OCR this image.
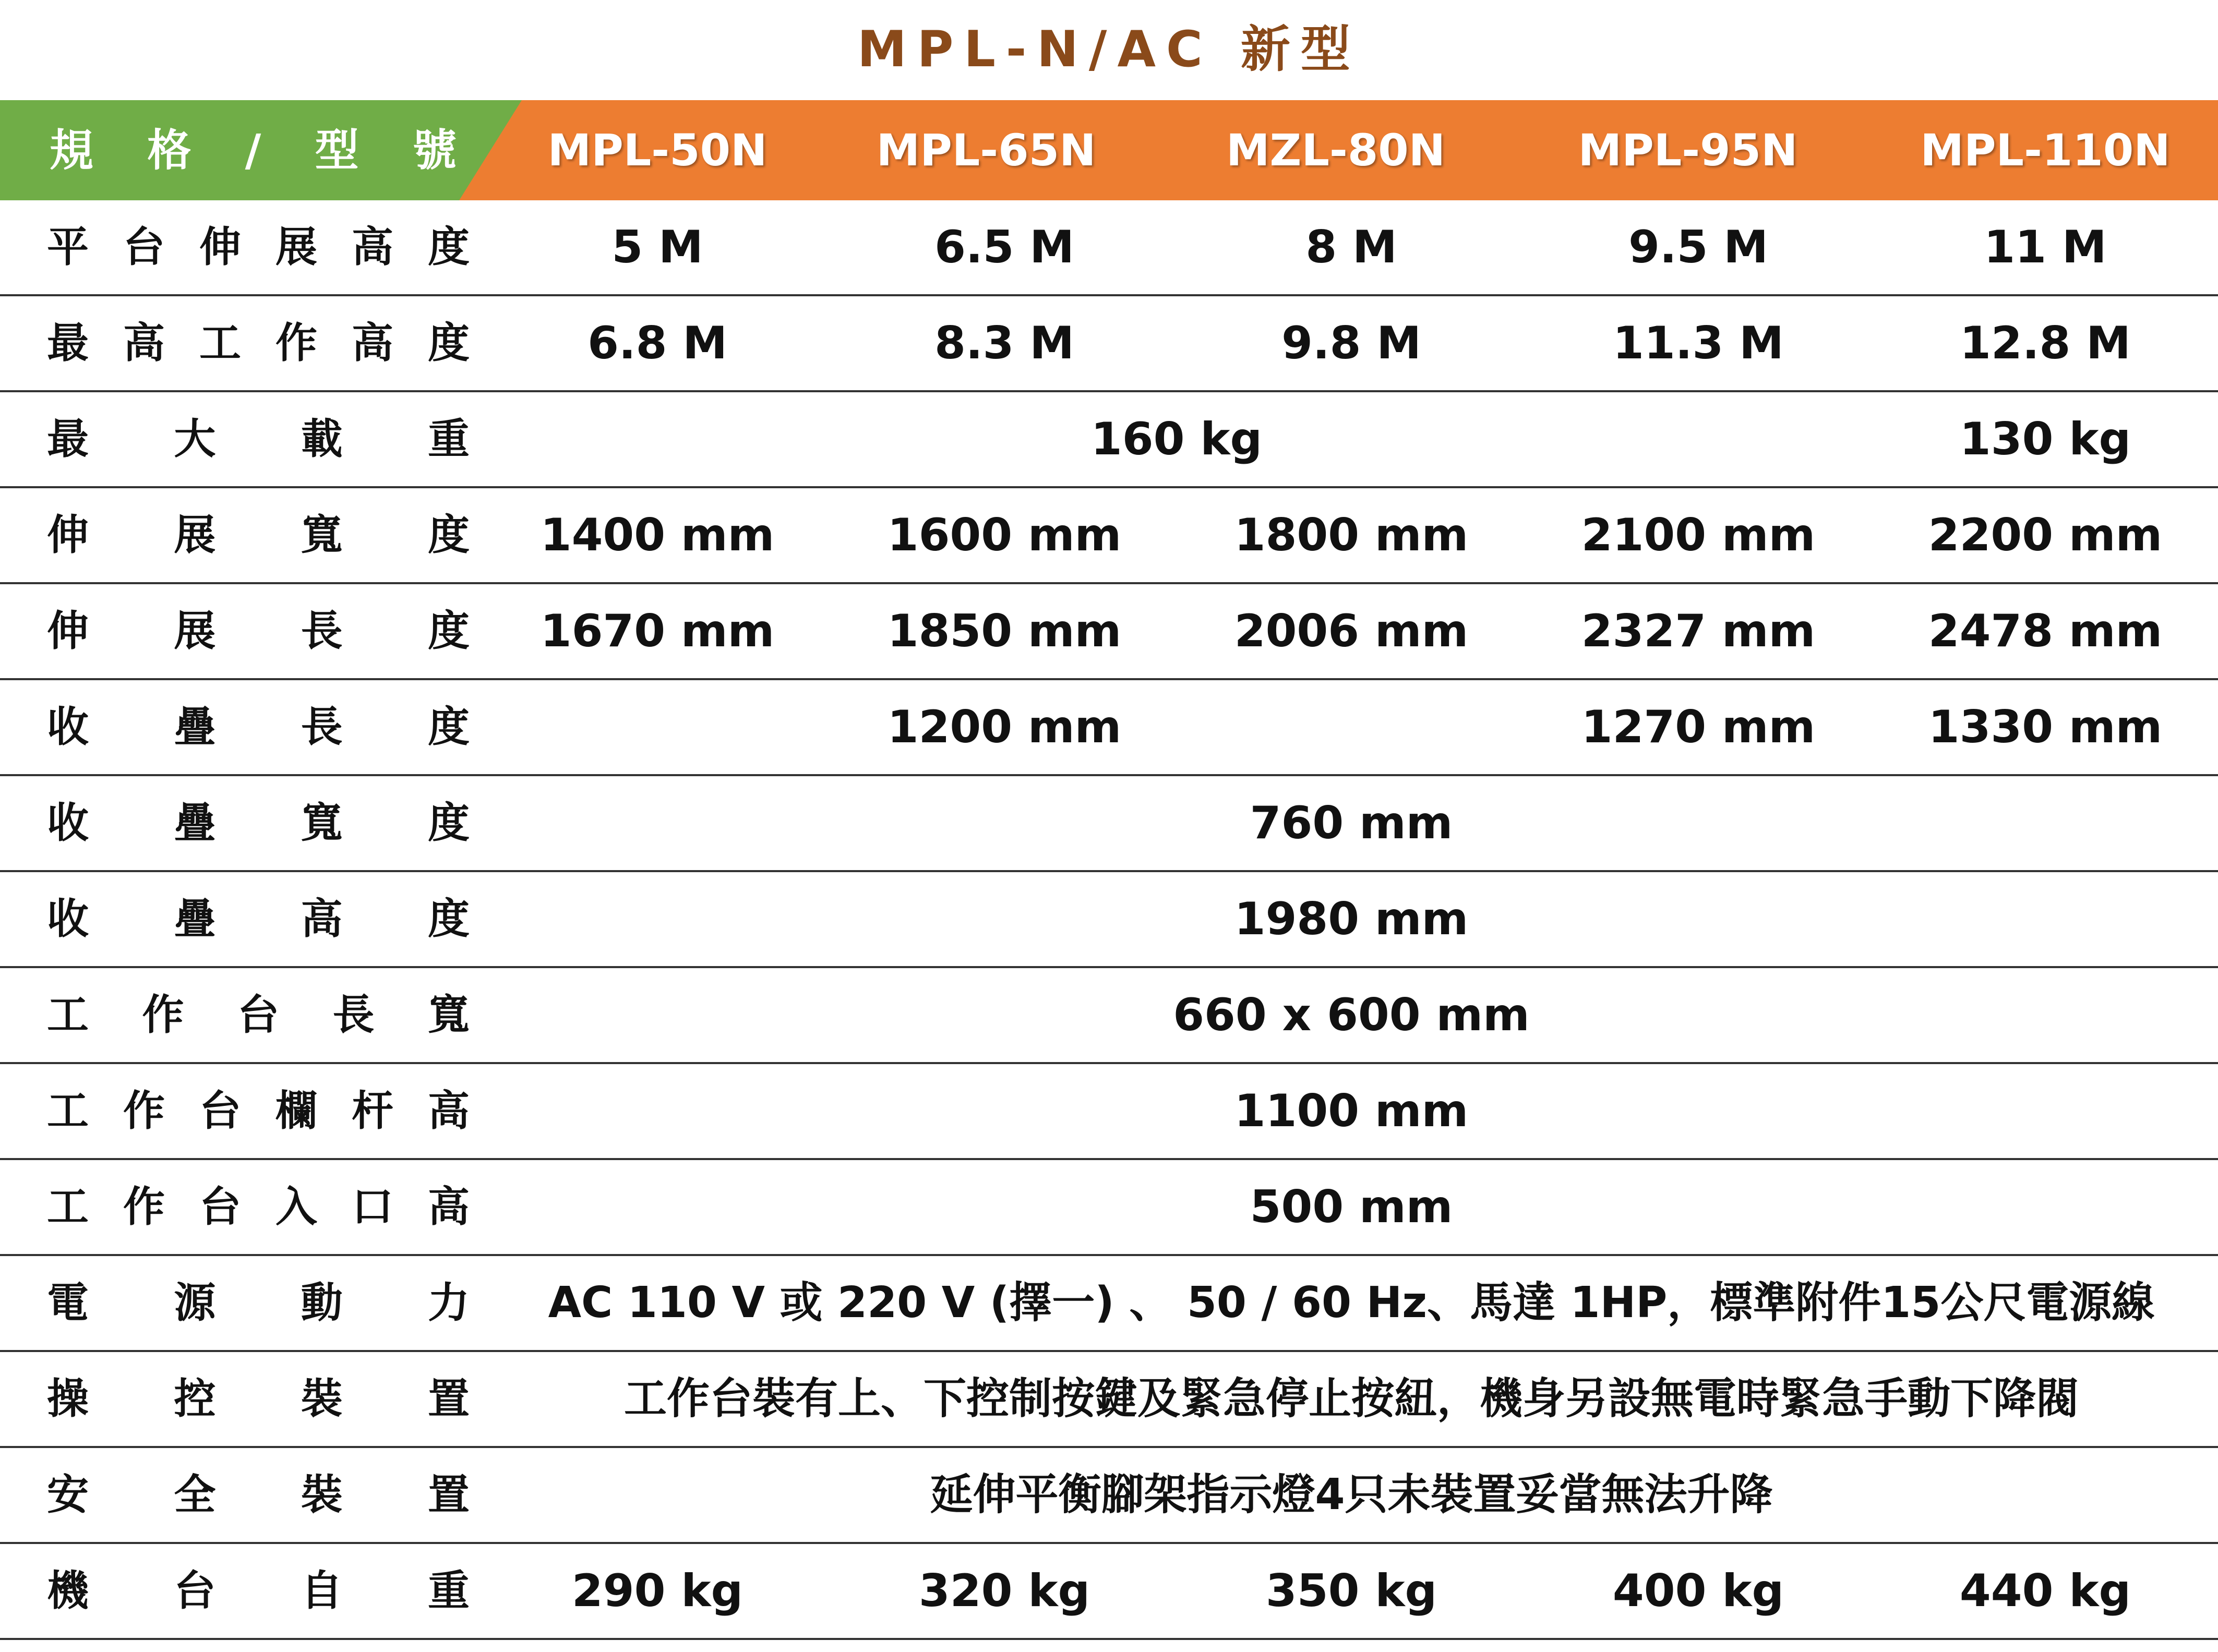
MPL-N/AC 新型
規 格 / 型 號	MPL-50N	MPL-65N	MZL-80N	MPL-95N	MPL-110N
平 台 伸 展 高 度	5 M	6.5 M	8 M	9.5 M	11 M
最 高 工 作 高 度	6.8 M	8.3 M	9.8 M	11.3 M	12.8 M
最 大 載 重	160 kg	130 kg
伸 展 寬 度	1400 mm	1600 mm	1800 mm	2100 mm	2200 mm
伸 展 長 度	1670 mm	1850 mm	2006 mm	2327 mm	2478 mm
收 疊 長 度	1200 mm	1270 mm	1330 mm
收 疊 寬 度	760 mm
收 疊 高 度	1980 mm
工 作 台 長 寬	660 x 600 mm
工 作 台 欄 杆 高	1100 mm
工 作 台 入 口 高	500 mm
電 源 動 力	AC 110 V 或 220 V (擇一) 、 50 / 60 Hz、馬達 1HP，標準附件15公尺電源線
操 控 裝 置	工作台裝有上、下控制按鍵及緊急停止按紐，機身另設無電時緊急手動下降閥
安 全 裝 置	延伸平衡腳架指示燈4只未裝置妥當無法升降
機 台 自 重	290 kg	320 kg	350 kg	400 kg	440 kg
